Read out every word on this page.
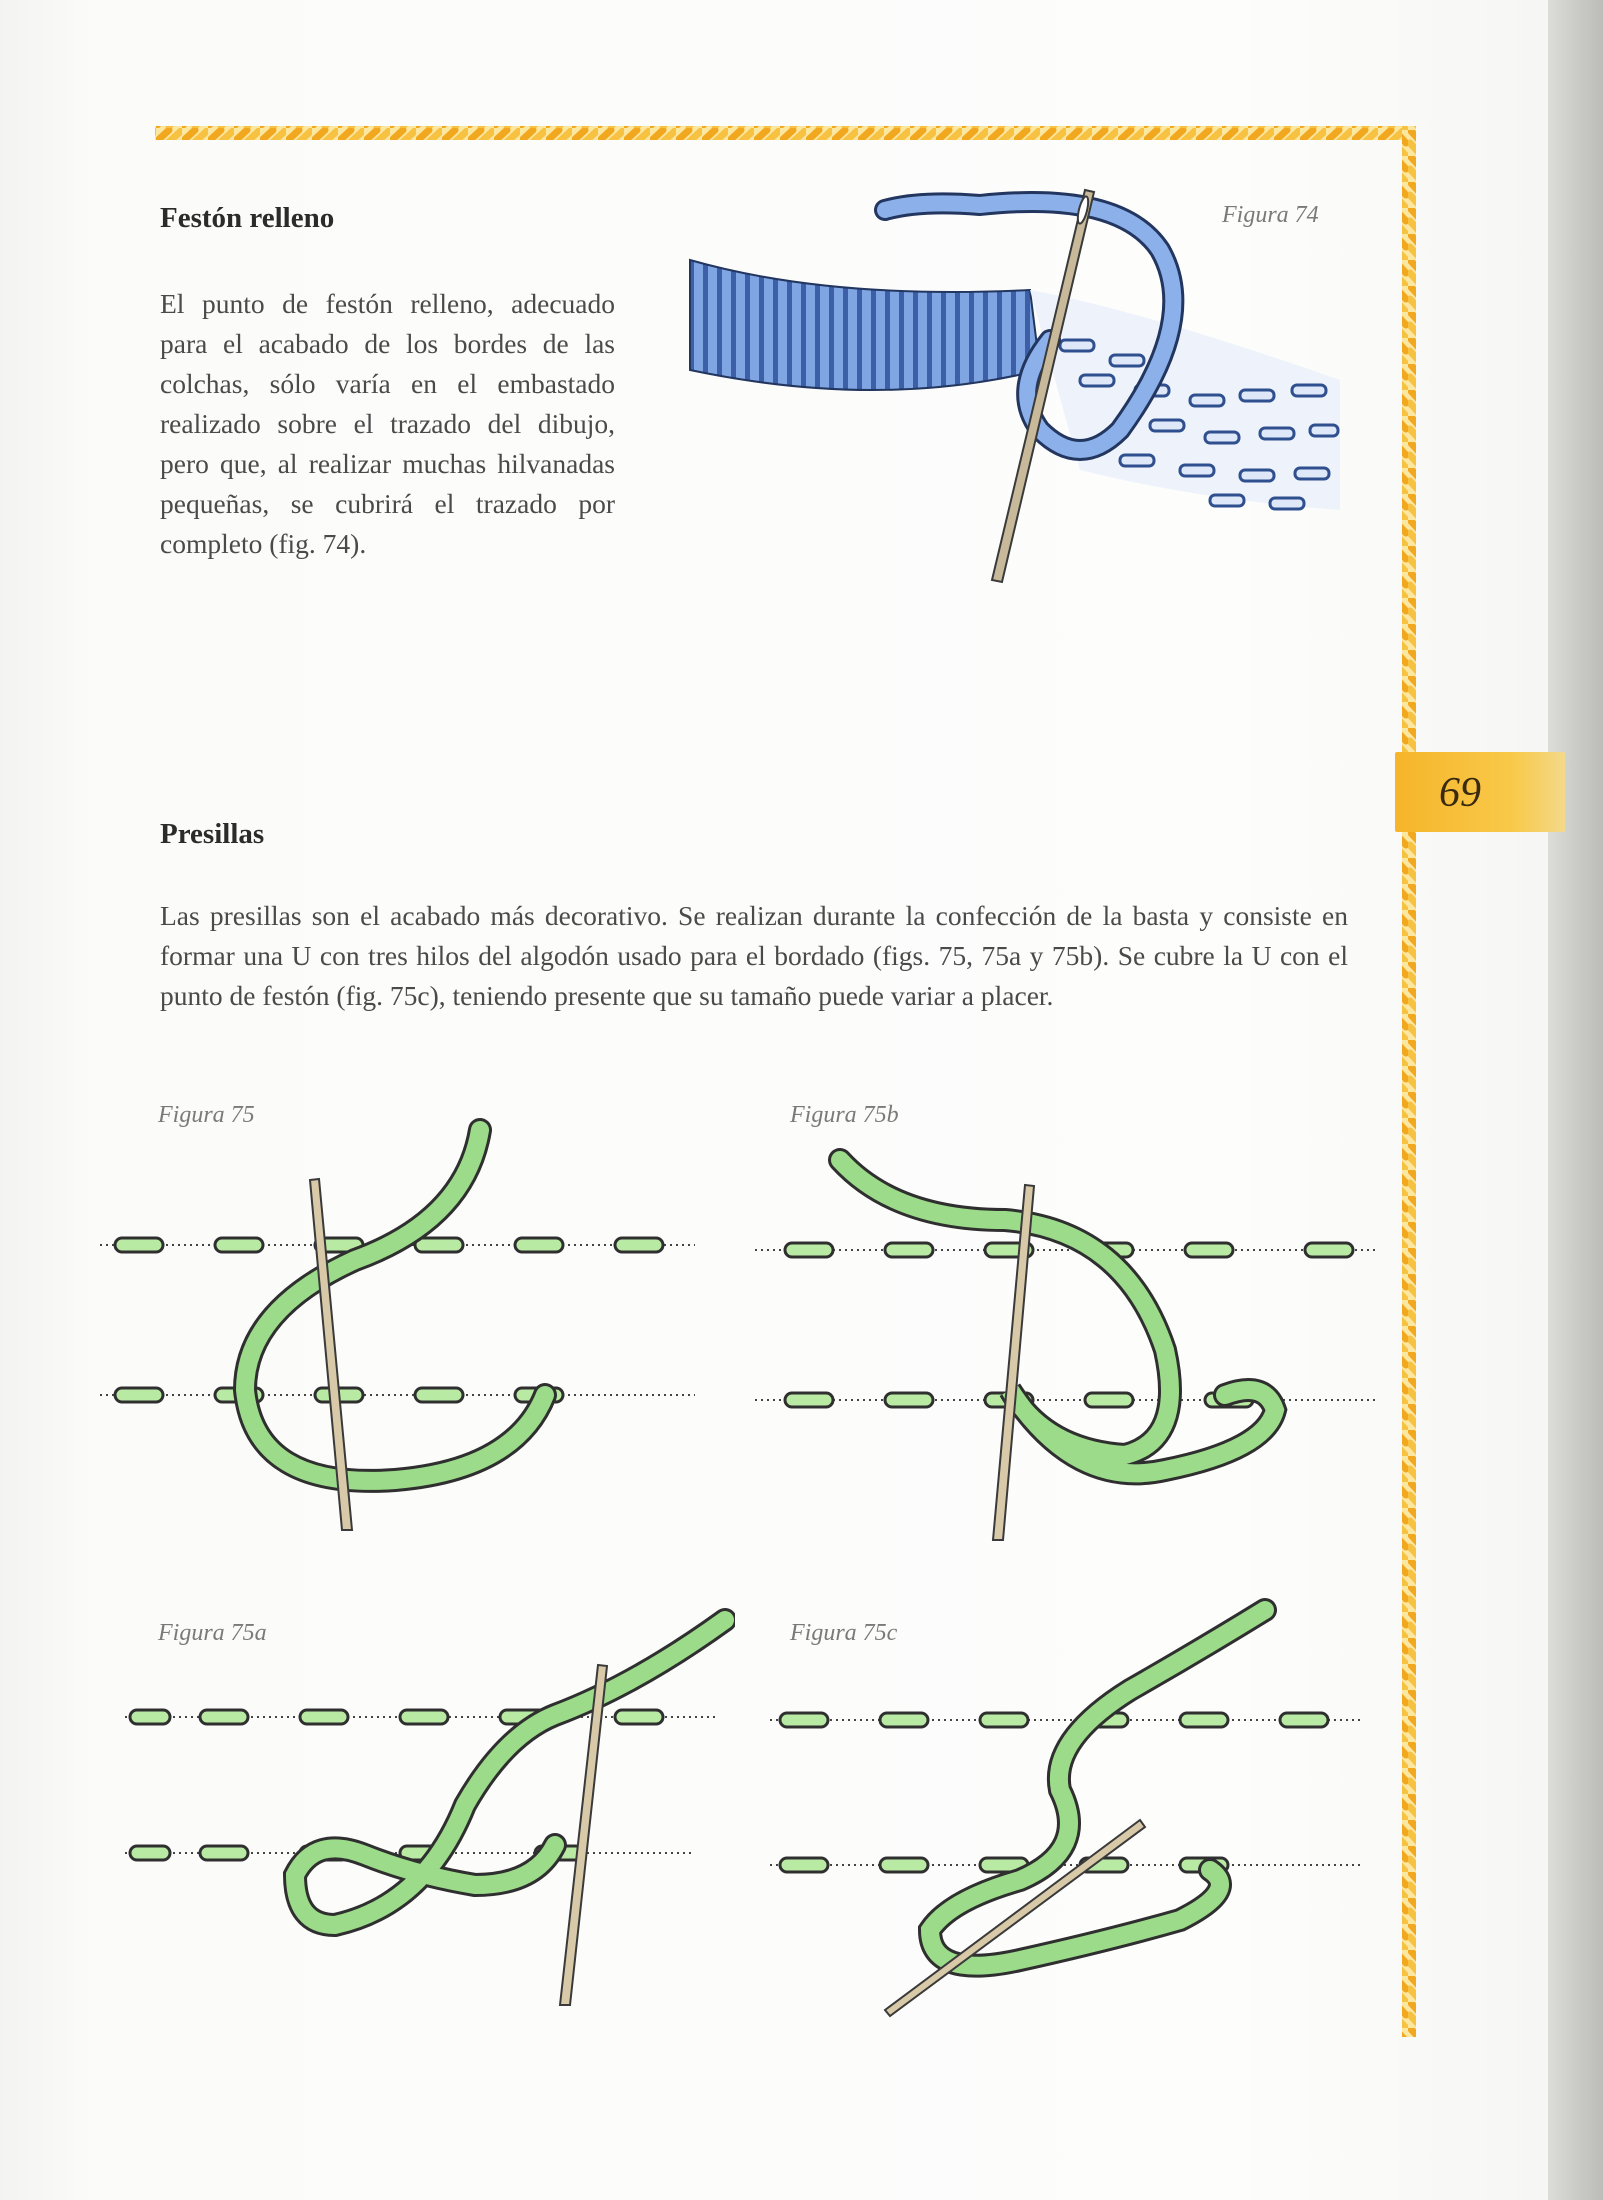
69
Festón relleno
El punto de festón relleno, adecuado para el acabado de los bordes de las colchas, sólo varía en el embastado realizado sobre el trazado del dibujo, pero que, al realizar muchas hilvanadas pequeñas, se cubrirá el trazado por completo (fig. 74).
Figura 74
Presillas
Las presillas son el acabado más decorativo. Se realizan durante la confección de la basta y consiste en formar una U con tres hilos del algodón usado para el bordado (figs. 75, 75a y 75b). Se cubre la U con el punto de festón (fig. 75c), teniendo presente que su tamaño puede variar a placer.
Figura 75	Figura 75b
Figura 75a	Figura 75c
